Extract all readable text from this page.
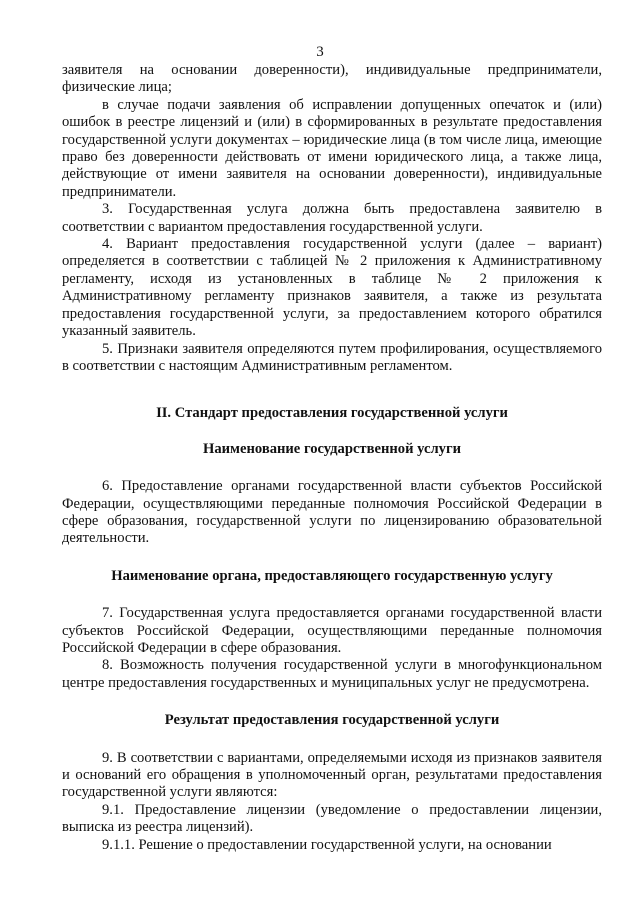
3

заявителя на основании доверенности), индивидуальные предприниматели, физические лица;

в случае подачи заявления об исправлении допущенных опечаток и (или) ошибок в реестре лицензий и (или) в сформированных в результате предоставления государственной услуги документах – юридические лица (в том числе лица, имеющие право без доверенности действовать от имени юридического лица, а также лица, действующие от имени заявителя на основании доверенности), индивидуальные предприниматели.

3. Государственная услуга должна быть предоставлена заявителю в соответствии с вариантом предоставления государственной услуги.

4. Вариант предоставления государственной услуги (далее – вариант) определяется в соответствии с таблицей № 2 приложения к Административному регламенту, исходя из установленных в таблице № 2 приложения к Административному регламенту признаков заявителя, а также из результата предоставления государственной услуги, за предоставлением которого обратился указанный заявитель.

5. Признаки заявителя определяются путем профилирования, осуществляемого в соответствии с настоящим Административным регламентом.

II. Стандарт предоставления государственной услуги
Наименование государственной услуги

6. Предоставление органами государственной власти субъектов Российской Федерации, осуществляющими переданные полномочия Российской Федерации в сфере образования, государственной услуги по лицензированию образовательной деятельности.

Наименование органа, предоставляющего государственную услугу

7. Государственная услуга предоставляется органами государственной власти субъектов Российской Федерации, осуществляющими переданные полномочия Российской Федерации в сфере образования.

8. Возможность получения государственной услуги в многофункциональном центре предоставления государственных и муниципальных услуг не предусмотрена.

Результат предоставления государственной услуги

9. В соответствии с вариантами, определяемыми исходя из признаков заявителя и оснований его обращения в уполномоченный орган, результатами предоставления государственной услуги являются:

9.1. Предоставление лицензии (уведомление о предоставлении лицензии, выписка из реестра лицензий).

9.1.1. Решение о предоставлении государственной услуги, на основании
